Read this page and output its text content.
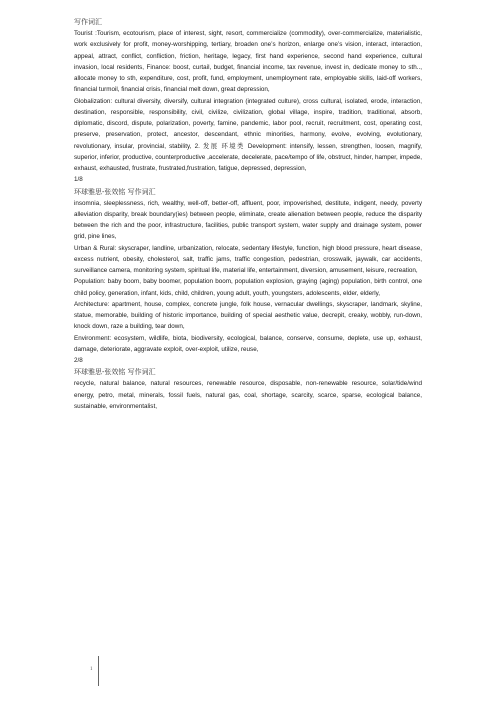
写作词汇

Tourist :Tourism, ecotourism, place of interest, sight, resort, commercialize (commodity), over-commercialize, materialistic, work exclusively for profit, money-worshipping, tertiary, broaden one’s horizon, enlarge one’s vision, interact, interaction, appeal, attract, conflict, confliction, friction, heritage, legacy, first hand experience, second hand experience, cultural invasion, local residents, Finance: boost, curtail, budget, financial income, tax revenue, invest in, dedicate money to sth.., allocate money to sth, expenditure, cost, profit, fund, employment, unemployment rate, employable skills, laid-off workers, financial turmoil, financial crisis, financial melt down, great depression,

Globalization: cultural diversity, diversify, cultural integration (integrated culture), cross cultural, isolated, erode, interaction, destination, responsible, responsibility, civil, civilize, civilization, global village, inspire, tradition, traditional, absorb, diplomatic, discord, dispute, polarization, poverty, famine, pandemic, labor pool, recruit, recruitment, cost, operating cost, preserve, preservation, protect, ancestor, descendant, ethnic minorities, harmony, evolve, evolving, evolutionary, revolutionary, insular, provincial, stability, 2. 发展 环境类 Development: intensify, lessen, strengthen, loosen, magnify, superior, inferior, productive, counterproductive ,accelerate, decelerate, pace/tempo of life, obstruct, hinder, hamper, impede, exhaust, exhausted, frustrate, frustrated,frustration, fatigue, depressed, depression,

1/8

环球雅思-张效铭 写作词汇

insomnia, sleeplessness, rich, wealthy, well-off, better-off, affluent, poor, impoverished, destitute, indigent, needy, poverty alleviation disparity, break boundary(ies) between people, eliminate, create alienation between people, reduce the disparity between the rich and the poor, infrastructure, facilities, public transport system, water supply and drainage system, power grid, pine lines,

Urban & Rural: skyscraper, landline, urbanization, relocate, sedentary lifestyle, function, high blood pressure, heart disease, excess nutrient, obesity, cholesterol, salt, traffic jams, traffic congestion, pedestrian, crosswalk, jaywalk, car accidents, surveillance camera, monitoring system, spiritual life, material life, entertainment, diversion, amusement, leisure, recreation,

Population: baby boom, baby boomer, population boom, population explosion, graying (aging) population, birth control, one child policy, generation, infant, kids, child, children, young adult, youth, youngsters, adolescents, elder, elderly,

Architecture: apartment, house, complex, concrete jungle, folk house, vernacular dwellings, skyscraper, landmark, skyline, statue, memorable, building of historic importance, building of special aesthetic value, decrepit, creaky, wobbly, run-down, knock down, raze a building, tear down,

Environment: ecosystem, wildlife, biota, biodiversity, ecological, balance, conserve, consume, deplete, use up, exhaust, damage, deteriorate, aggravate exploit, over-exploit, utilize, reuse,

2/8

环球雅思-张效铭 写作词汇

recycle, natural balance, natural resources, renewable resource, disposable, non-renewable resource, solar/tide/wind energy, petro, metal, minerals, fossil fuels, natural gas, coal, shortage, scarcity, scarce, sparse, ecological balance, sustainable, environmentalist,

1
